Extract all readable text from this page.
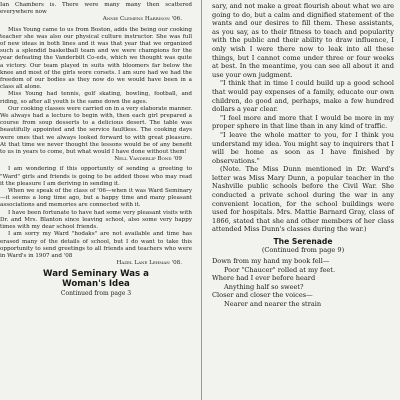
Ian Chambers is. There were many many then scattered everywhere now

Annie Clemens Harrison '06.

Miss Young came to us from Boston, adds the being our cooking teacher she was also our physical culture instructor. She was full of new ideas in both lines and it was that year that we organized such a splendid basketball team and we were champions for the year defeating the Vanderbilt Co-eds, which we thought was quite a victory. Our team played in suits with bloomers far below the knee and most of the girls wore corsets. I am sure had we had the freedom of our bodies as they now do we would have been in a class all alone.

Miss Young had tennis, golf skating, bowling, football, and riding, so after all youth is the same down the ages.

Our cooking classes were carried on in a very elaborate manner. We always had a lecture to begin with, then each girl prepared a course from soup desserts to a delicious desert. The table was beautifully appointed and the service faultless. The cooking days were ones that we always looked forward to with great pleasure. At that time we never thought the lessons would be of any benefit to us in years to come, but what would I have done without them!

Nell Vanderlip Bond '09

I am wondering if this opportunity of sending a greeting to "Ward" girls and friends is going to be added those who may read it the pleasure I am deriving in sending it.

When we speak of the class of '06—when it was Ward Seminary—it seems a long time ago, but a happy time and many pleasant associations and memories are connected with it.

I have been fortunate to have had some very pleasant visits with Dr. and Mrs. Blanton since leaving school, also some very happy times with my dear school friends.

I am sorry my Ward "hodaks" are not available and time has erased many of the details of school, but I do want to take this opportunity to send greetings to all friends and teachers who were in Ward's in 1907 and '08

Hazel Lane Lehman '08.

Ward Seminary Was a

Woman's Idea

Continued from page 3

sary, and not make a great flourish about what we are going to do, but a calm and dignified statement of the wants and our desires to fill them. These assistants, as you say, as to their fitness to teach and popularity with the public and their ability to draw influence, I only wish I were there now to leak into all these things, but I cannot come under three or four weeks at best. In the meantime, you can see all about it and use your own judgment.

"I think that in time I could build up a good school that would pay expenses of a family, educate our own children, do good and, perhaps, make a few hundred dollars a year clear.

"I feel more and more that I would be more in my proper sphere in that line than in any kind of traffic.

"I leave the whole matter to you, for I think you understand my idea. You might say to inquirers that I will be home as soon as I have finished by observations."

(Note. The Miss Dunn mentioned in Dr. Ward's letter was Miss Mary Dunn, a popular teacher in the Nashville public schools before the Civil War. She conducted a private school during the war in any convenient location, for the school buildings were used for hospitals. Mrs. Mattie Barnard Gray, class of 1866, stated that she and other members of her class attended Miss Dunn's classes during the war.)

The Serenade

(Continued from page 9)

Down from my hand my book fell—

Poor "Chaucer" rolled at my feet.

Where had I ever before heard

Anything half so sweet?

Closer and closer the voices—

Nearer and nearer the strain
